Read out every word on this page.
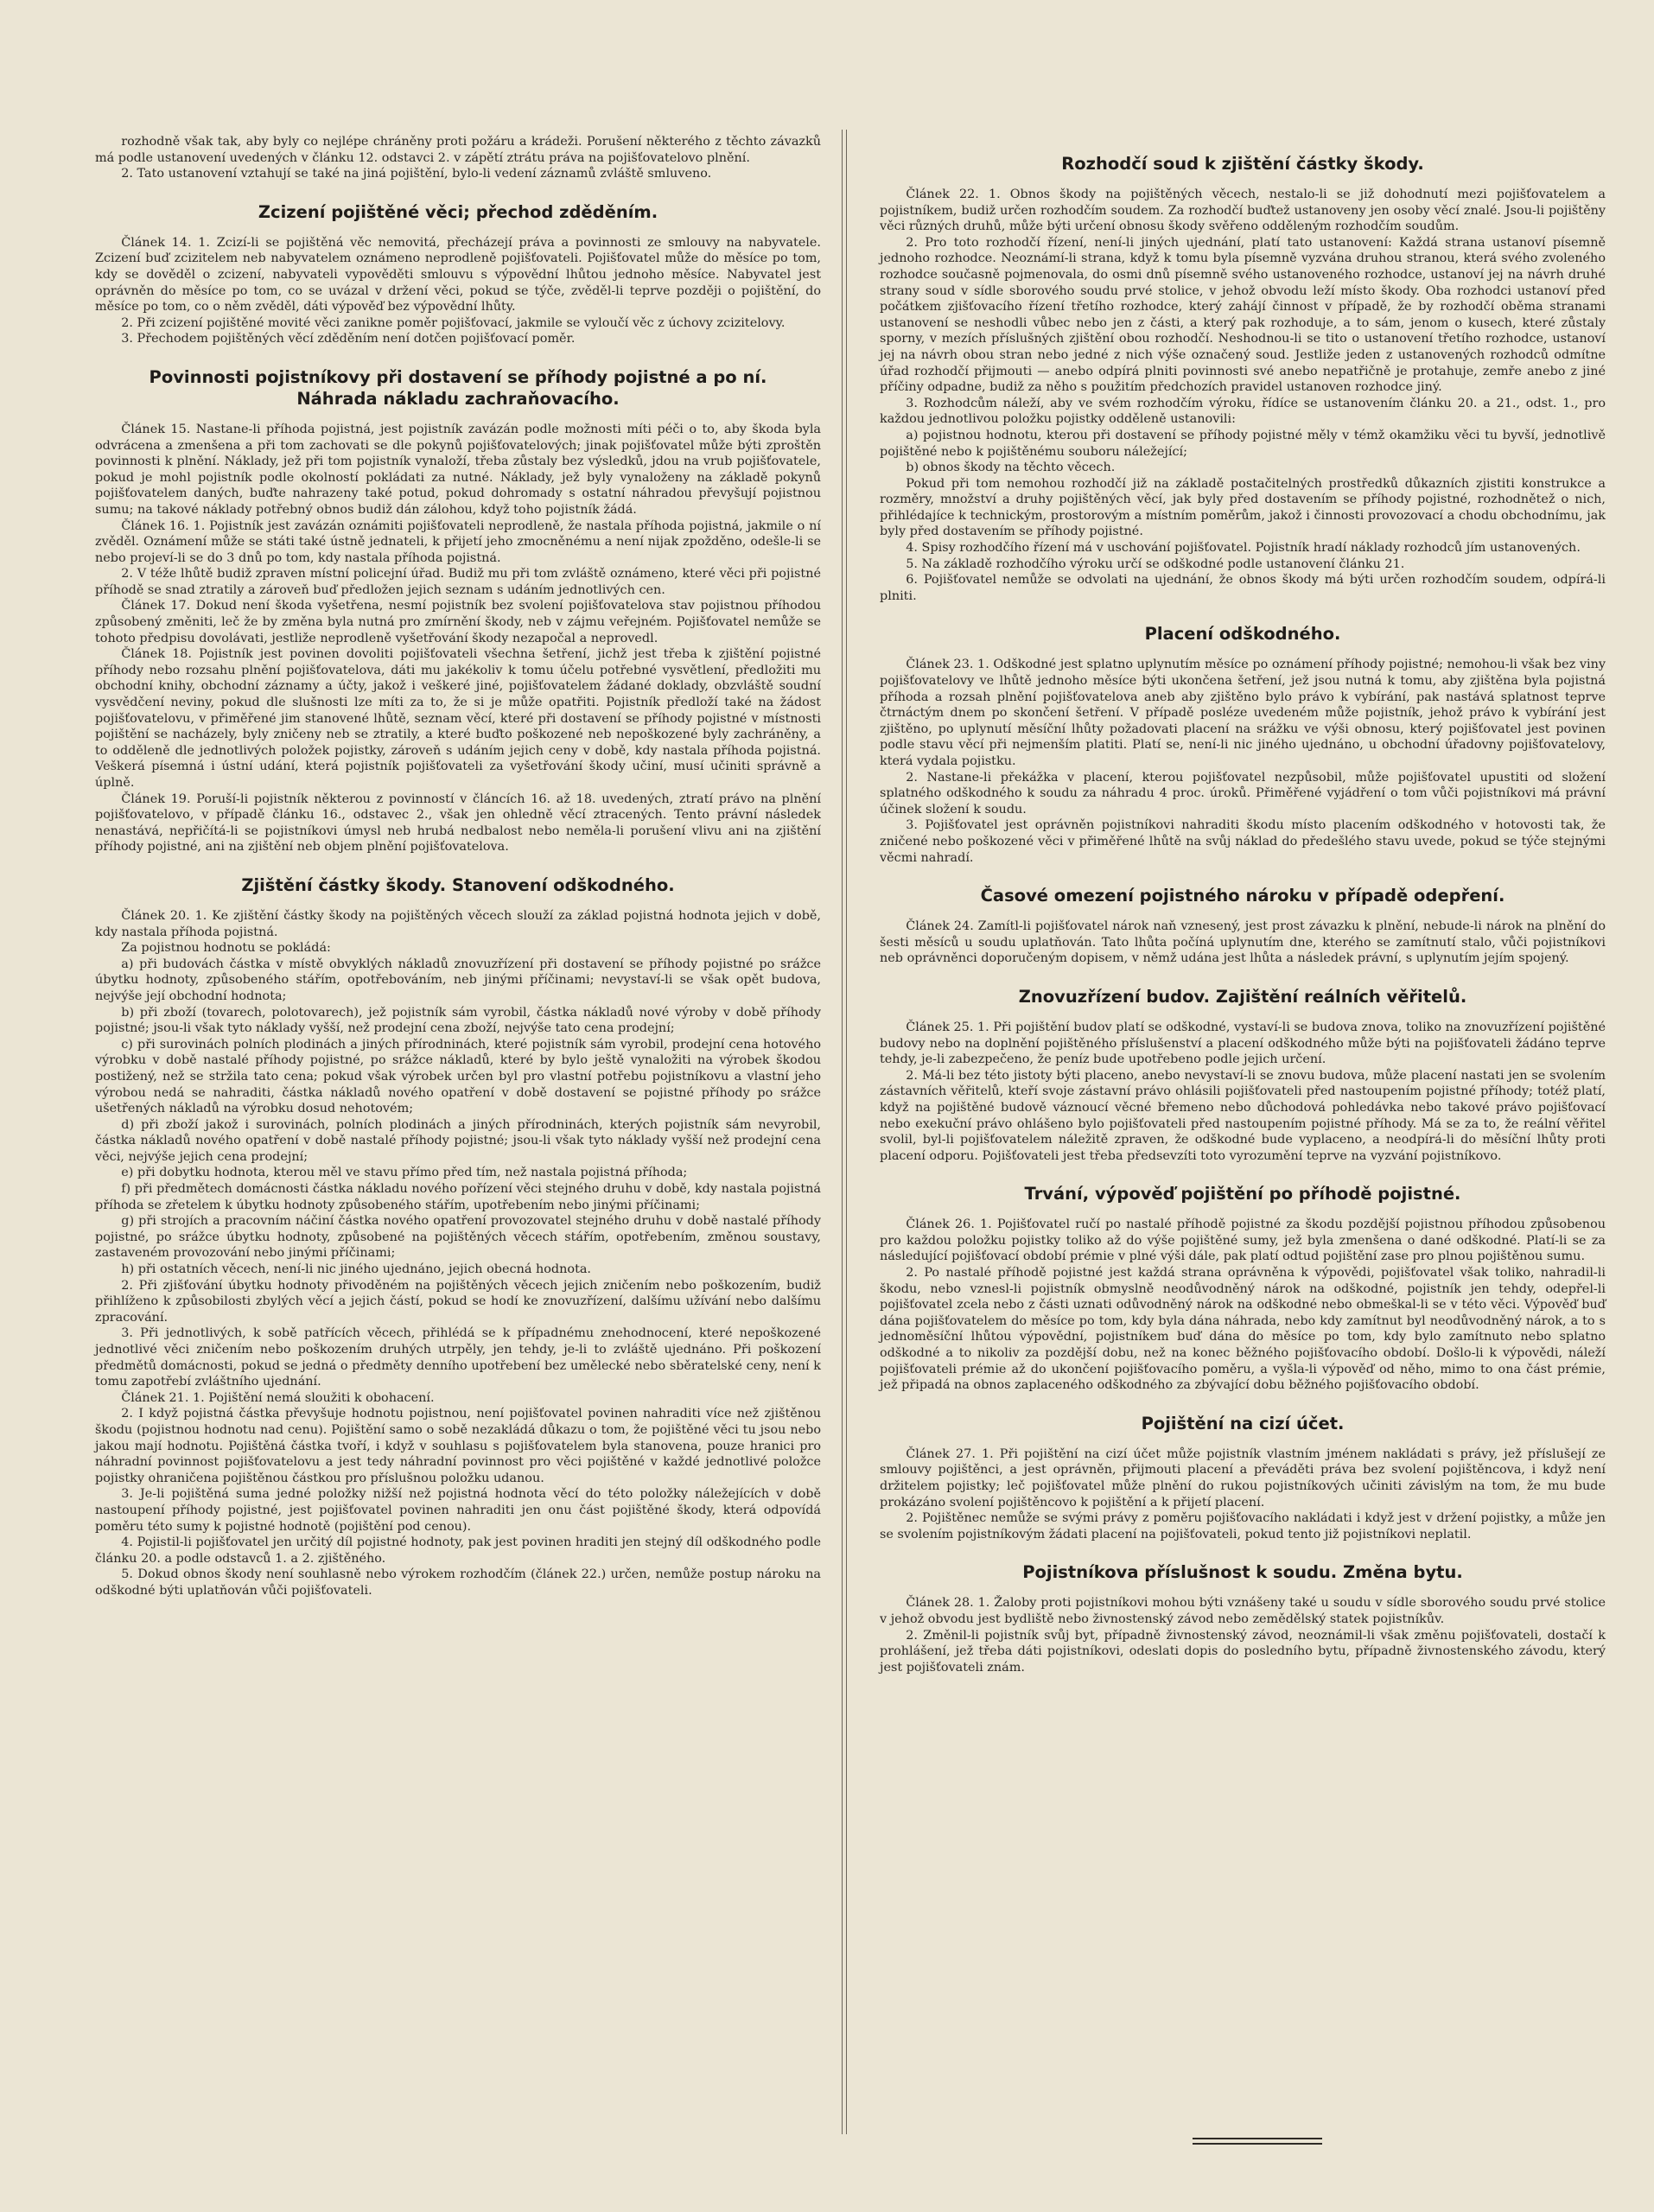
rozhodně však tak, aby byly co nejlépe chráněny proti požáru a krádeži. Porušení některého z těchto závazků má podle ustanovení uvedených v článku 12. odstavci 2. v zápětí ztrátu práva na pojišťovatelovo plnění.

2. Tato ustanovení vztahují se také na jiná pojištění, bylo-li vedení záznamů zvláště smluveno.

Zcizení pojištěné věci; přechod zděděním.

Článek 14. 1. Zcizí-li se pojištěná věc nemovitá, přecházejí práva a povinnosti ze smlouvy na nabyvatele. Zcizení buď zcizitelem neb nabyvatelem oznámeno neprodleně pojišťovateli. Pojišťovatel může do měsíce po tom, kdy se dověděl o zcizení, nabyvateli vypověděti smlouvu s výpovědní lhůtou jednoho měsíce. Nabyvatel jest oprávněn do měsíce po tom, co se uvázal v držení věci, pokud se týče, zvěděl-li teprve později o pojištění, do měsíce po tom, co o něm zvěděl, dáti výpověď bez výpovědní lhůty.

2. Při zcizení pojištěné movité věci zanikne poměr pojišťovací, jakmile se vyloučí věc z úchovy zcizitelovy.

3. Přechodem pojištěných věcí zděděním není dotčen pojišťovací poměr.

Povinnosti pojistníkovy při dostavení se příhody pojistné a po ní.
Náhrada nákladu zachraňovacího.

Článek 15. Nastane-li příhoda pojistná, jest pojistník zavázán podle možnosti míti péči o to, aby škoda byla odvrácena a zmenšena a při tom zachovati se dle pokynů pojišťovatelových; jinak pojišťovatel může býti zproštěn povinnosti k plnění. Náklady, jež při tom pojistník vynaloží, třeba zůstaly bez výsledků, jdou na vrub pojišťovatele, pokud je mohl pojistník podle okolností pokládati za nutné. Náklady, jež byly vynaloženy na základě pokynů pojišťovatelem daných, buďte nahrazeny také potud, pokud dohromady s ostatní náhradou převyšují pojistnou sumu; na takové náklady potřebný obnos budiž dán zálohou, když toho pojistník žádá.

Článek 16. 1. Pojistník jest zavázán oznámiti pojišťovateli neprodleně, že nastala příhoda pojistná, jakmile o ní zvěděl. Oznámení může se státi také ústně jednateli, k přijetí jeho zmocněnému a není nijak zpožděno, odešle-li se nebo projeví-li se do 3 dnů po tom, kdy nastala příhoda pojistná.

2. V téže lhůtě budiž zpraven místní policejní úřad. Budiž mu při tom zvláště oznámeno, které věci při pojistné příhodě se snad ztratily a zároveň buď předložen jejich seznam s udáním jednotlivých cen.

Článek 17. Dokud není škoda vyšetřena, nesmí pojistník bez svolení pojišťovatelova stav pojistnou příhodou způsobený změniti, leč že by změna byla nutná pro zmírnění škody, neb v zájmu veřejném. Pojišťovatel nemůže se tohoto předpisu dovolávati, jestliže neprodleně vyšetřování škody nezapočal a neprovedl.

Článek 18. Pojistník jest povinen dovoliti pojišťovateli všechna šetření, jichž jest třeba k zjištění pojistné příhody nebo rozsahu plnění pojišťovatelova, dáti mu jakékoliv k tomu účelu potřebné vysvětlení, předložiti mu obchodní knihy, obchodní záznamy a účty, jakož i veškeré jiné, pojišťovatelem žádané doklady, obzvláště soudní vysvědčení neviny, pokud dle slušnosti lze míti za to, že si je může opatřiti. Pojistník předloží také na žádost pojišťovatelovu, v přiměřené jim stanovené lhůtě, seznam věcí, které při dostavení se příhody pojistné v místnosti pojištění se nacházely, byly zničeny neb se ztratily, a které buďto poškozené neb nepoškozené byly zachráněny, a to odděleně dle jednotlivých položek pojistky, zároveň s udáním jejich ceny v době, kdy nastala příhoda pojistná. Veškerá písemná i ústní udání, která pojistník pojišťovateli za vyšetřování škody učiní, musí učiniti správně a úplně.

Článek 19. Poruší-li pojistník některou z povinností v článcích 16. až 18. uvedených, ztratí právo na plnění pojišťovatelovo, v případě článku 16., odstavec 2., však jen ohledně věcí ztracených. Tento právní následek nenastává, nepřičítá-li se pojistníkovi úmysl neb hrubá nedbalost nebo neměla-li porušení vlivu ani na zjištění příhody pojistné, ani na zjištění neb objem plnění pojišťovatelova.

Zjištění částky škody. Stanovení odškodného.

Článek 20. 1. Ke zjištění částky škody na pojištěných věcech slouží za základ pojistná hodnota jejich v době, kdy nastala příhoda pojistná.

Za pojistnou hodnotu se pokládá:

a) při budovách částka v místě obvyklých nákladů znovuzřízení při dostavení se příhody pojistné po srážce úbytku hodnoty, způsobeného stářím, opotřebováním, neb jinými příčinami; nevystaví-li se však opět budova, nejvýše její obchodní hodnota;

b) při zboží (tovarech, polotovarech), jež pojistník sám vyrobil, částka nákladů nové výroby v době příhody pojistné; jsou-li však tyto náklady vyšší, než prodejní cena zboží, nejvýše tato cena prodejní;

c) při surovinách polních plodinách a jiných přírodninách, které pojistník sám vyrobil, prodejní cena hotového výrobku v době nastalé příhody pojistné, po srážce nákladů, které by bylo ještě vynaložiti na výrobek škodou postižený, než se stržila tato cena; pokud však výrobek určen byl pro vlastní potřebu pojistníkovu a vlastní jeho výrobou nedá se nahraditi, částka nákladů nového opatření v době dostavení se pojistné příhody po srážce ušetřených nákladů na výrobku dosud nehotovém;

d) při zboží jakož i surovinách, polních plodinách a jiných přírodninách, kterých pojistník sám nevyrobil, částka nákladů nového opatření v době nastalé příhody pojistné; jsou-li však tyto náklady vyšší než prodejní cena věci, nejvýše jejich cena prodejní;

e) při dobytku hodnota, kterou měl ve stavu přímo před tím, než nastala pojistná příhoda;

f) při předmětech domácnosti částka nákladu nového pořízení věci stejného druhu v době, kdy nastala pojistná příhoda se zřetelem k úbytku hodnoty způsobeného stářím, upotřebením nebo jinými příčinami;

g) při strojích a pracovním náčiní částka nového opatření provozovatel stejného druhu v době nastalé příhody pojistné, po srážce úbytku hodnoty, způsobené na pojištěných věcech stářím, opotřebením, změnou soustavy, zastaveném provozování nebo jinými příčinami;

h) při ostatních věcech, není-li nic jiného ujednáno, jejich obecná hodnota.

2. Při zjišťování úbytku hodnoty přivoděném na pojištěných věcech jejich zničením nebo poškozením, budiž přihlíženo k způsobilosti zbylých věcí a jejich částí, pokud se hodí ke znovuzřízení, dalšímu užívání nebo dalšímu zpracování.

3. Při jednotlivých, k sobě patřících věcech, přihlédá se k případnému znehodnocení, které nepoškozené jednotlivé věci zničením nebo poškozením druhých utrpěly, jen tehdy, je-li to zvláště ujednáno. Při poškození předmětů domácnosti, pokud se jedná o předměty denního upotřebení bez umělecké nebo sběratelské ceny, není k tomu zapotřebí zvláštního ujednání.

Článek 21. 1. Pojištění nemá sloužiti k obohacení.

2. I když pojistná částka převyšuje hodnotu pojistnou, není pojišťovatel povinen nahraditi více než zjištěnou škodu (pojistnou hodnotu nad cenu). Pojištění samo o sobě nezakládá důkazu o tom, že pojištěné věci tu jsou nebo jakou mají hodnotu. Pojištěná částka tvoří, i když v souhlasu s pojišťovatelem byla stanovena, pouze hranici pro náhradní povinnost pojišťovatelovu a jest tedy náhradní povinnost pro věci pojištěné v každé jednotlivé položce pojistky ohraničena pojištěnou částkou pro příslušnou položku udanou.

3. Je-li pojištěná suma jedné položky nižší než pojistná hodnota věcí do této položky náležejících v době nastoupení příhody pojistné, jest pojišťovatel povinen nahraditi jen onu část pojištěné škody, která odpovídá poměru této sumy k pojistné hodnotě (pojištění pod cenou).

4. Pojistil-li pojišťovatel jen určitý díl pojistné hodnoty, pak jest povinen hraditi jen stejný díl odškodného podle článku 20. a podle odstavců 1. a 2. zjištěného.

5. Dokud obnos škody není souhlasně nebo výrokem rozhodčím (článek 22.) určen, nemůže postup nároku na odškodné býti uplatňován vůči pojišťovateli.

Rozhodčí soud k zjištění částky škody.

Článek 22. 1. Obnos škody na pojištěných věcech, nestalo-li se již dohodnutí mezi pojišťovatelem a pojistníkem, budiž určen rozhodčím soudem. Za rozhodčí buďtež ustanoveny jen osoby věcí znalé. Jsou-li pojištěny věci různých druhů, může býti určení obnosu škody svěřeno odděleným rozhodčím soudům.

2. Pro toto rozhodčí řízení, není-li jiných ujednání, platí tato ustanovení: Každá strana ustanoví písemně jednoho rozhodce. Neoznámí-li strana, když k tomu byla písemně vyzvána druhou stranou, která svého zvoleného rozhodce současně pojmenovala, do osmi dnů písemně svého ustanoveného rozhodce, ustanoví jej na návrh druhé strany soud v sídle sborového soudu prvé stolice, v jehož obvodu leží místo škody. Oba rozhodci ustanoví před počátkem zjišťovacího řízení třetího rozhodce, který zahájí činnost v případě, že by rozhodčí oběma stranami ustanovení se neshodli vůbec nebo jen z části, a který pak rozhoduje, a to sám, jenom o kusech, které zůstaly sporny, v mezích příslušných zjištění obou rozhodčí. Neshodnou-li se tito o ustanovení třetího rozhodce, ustanoví jej na návrh obou stran nebo jedné z nich výše označený soud. Jestliže jeden z ustanovených rozhodců odmítne úřad rozhodčí přijmouti — anebo odpírá plniti povinnosti své anebo nepatřičně je protahuje, zemře anebo z jiné příčiny odpadne, budiž za něho s použitím předchozích pravidel ustanoven rozhodce jiný.

3. Rozhodcům náleží, aby ve svém rozhodčím výroku, řídíce se ustanovením článku 20. a 21., odst. 1., pro každou jednotlivou položku pojistky odděleně ustanovili:

a) pojistnou hodnotu, kterou při dostavení se příhody pojistné měly v témž okamžiku věci tu byvší, jednotlivě pojištěné nebo k pojištěnému souboru náležející;

b) obnos škody na těchto věcech.

Pokud při tom nemohou rozhodčí již na základě postačitelných prostředků důkazních zjistiti konstrukce a rozměry, množství a druhy pojištěných věcí, jak byly před dostavením se příhody pojistné, rozhodnětež o nich, přihlédajíce k technickým, prostorovým a místním poměrům, jakož i činnosti provozovací a chodu obchodnímu, jak byly před dostavením se příhody pojistné.

4. Spisy rozhodčího řízení má v uschování pojišťovatel. Pojistník hradí náklady rozhodců jím ustanovených.

5. Na základě rozhodčího výroku určí se odškodné podle ustanovení článku 21.

6. Pojišťovatel nemůže se odvolati na ujednání, že obnos škody má býti určen rozhodčím soudem, odpírá-li plniti.

Placení odškodného.

Článek 23. 1. Odškodné jest splatno uplynutím měsíce po oznámení příhody pojistné; nemohou-li však bez viny pojišťovatelovy ve lhůtě jednoho měsíce býti ukončena šetření, jež jsou nutná k tomu, aby zjištěna byla pojistná příhoda a rozsah plnění pojišťovatelova aneb aby zjištěno bylo právo k vybírání, pak nastává splatnost teprve čtrnáctým dnem po skončení šetření. V případě posléze uvedeném může pojistník, jehož právo k vybírání jest zjištěno, po uplynutí měsíční lhůty požadovati placení na srážku ve výši obnosu, který pojišťovatel jest povinen podle stavu věcí při nejmenším platiti. Platí se, není-li nic jiného ujednáno, u obchodní úřadovny pojišťovatelovy, která vydala pojistku.

2. Nastane-li překážka v placení, kterou pojišťovatel nezpůsobil, může pojišťovatel upustiti od složení splatného odškodného k soudu za náhradu 4 proc. úroků. Přiměřené vyjádření o tom vůči pojistníkovi má právní účinek složení k soudu.

3. Pojišťovatel jest oprávněn pojistníkovi nahraditi škodu místo placením odškodného v hotovosti tak, že zničené nebo poškozené věci v přiměřené lhůtě na svůj náklad do předešlého stavu uvede, pokud se týče stejnými věcmi nahradí.

Časové omezení pojistného nároku v případě odepření.

Článek 24. Zamítl-li pojišťovatel nárok naň vznesený, jest prost závazku k plnění, nebude-li nárok na plnění do šesti měsíců u soudu uplatňován. Tato lhůta počíná uplynutím dne, kterého se zamítnutí stalo, vůči pojistníkovi neb oprávněnci doporučeným dopisem, v němž udána jest lhůta a následek právní, s uplynutím jejím spojený.

Znovuzřízení budov. Zajištění reálních věřitelů.

Článek 25. 1. Při pojištění budov platí se odškodné, vystaví-li se budova znova, toliko na znovuzřízení pojištěné budovy nebo na doplnění pojištěného příslušenství a placení odškodného může býti na pojišťovateli žádáno teprve tehdy, je-li zabezpečeno, že peníz bude upotřebeno podle jejich určení.

2. Má-li bez této jistoty býti placeno, anebo nevystaví-li se znovu budova, může placení nastati jen se svolením zástavních věřitelů, kteří svoje zástavní právo ohlásili pojišťovateli před nastoupením pojistné příhody; totéž platí, když na pojištěné budově váznoucí věcné břemeno nebo důchodová pohledávka nebo takové právo pojišťovací nebo exekuční právo ohlášeno bylo pojišťovateli před nastoupením pojistné příhody. Má se za to, že reální věřitel svolil, byl-li pojišťovatelem náležitě zpraven, že odškodné bude vyplaceno, a neodpírá-li do měsíční lhůty proti placení odporu. Pojišťovateli jest třeba předsevzíti toto vyrozumění teprve na vyzvání pojistníkovo.

Trvání, výpověď pojištění po příhodě pojistné.

Článek 26. 1. Pojišťovatel ručí po nastalé příhodě pojistné za škodu pozdější pojistnou příhodou způsobenou pro každou položku pojistky toliko až do výše pojištěné sumy, jež byla zmenšena o dané odškodné. Platí-li se za následující pojišťovací období prémie v plné výši dále, pak platí odtud pojištění zase pro plnou pojištěnou sumu.

2. Po nastalé příhodě pojistné jest každá strana oprávněna k výpovědi, pojišťovatel však toliko, nahradil-li škodu, nebo vznesl-li pojistník obmyslně neodůvodněný nárok na odškodné, pojistník jen tehdy, odepřel-li pojišťovatel zcela nebo z části uznati odůvodněný nárok na odškodné nebo obmeškal-li se v této věci. Výpověď buď dána pojišťovatelem do měsíce po tom, kdy byla dána náhrada, nebo kdy zamítnut byl neodůvodněný nárok, a to s jednoměsíční lhůtou výpovědní, pojistníkem buď dána do měsíce po tom, kdy bylo zamítnuto nebo splatno odškodné a to nikoliv za pozdější dobu, než na konec běžného pojišťovacího období. Došlo-li k výpovědi, náleží pojišťovateli prémie až do ukončení pojišťovacího poměru, a vyšla-li výpověď od něho, mimo to ona část prémie, jež připadá na obnos zaplaceného odškodného za zbývající dobu běžného pojišťovacího období.

Pojištění na cizí účet.

Článek 27. 1. Při pojištění na cizí účet může pojistník vlastním jménem nakládati s právy, jež příslušejí ze smlouvy pojištěnci, a jest oprávněn, přijmouti placení a převáděti práva bez svolení pojištěncova, i když není držitelem pojistky; leč pojišťovatel může plnění do rukou pojistníkových učiniti závislým na tom, že mu bude prokázáno svolení pojištěncovo k pojištění a k přijetí placení.

2. Pojištěnec nemůže se svými právy z poměru pojišťovacího nakládati i když jest v držení pojistky, a může jen se svolením pojistníkovým žádati placení na pojišťovateli, pokud tento již pojistníkovi neplatil.

Pojistníkova příslušnost k soudu. Změna bytu.

Článek 28. 1. Žaloby proti pojistníkovi mohou býti vznášeny také u soudu v sídle sborového soudu prvé stolice v jehož obvodu jest bydliště nebo živnostenský závod nebo zemědělský statek pojistníkův.

2. Změnil-li pojistník svůj byt, případně živnostenský závod, neoznámil-li však změnu pojišťovateli, dostačí k prohlášení, jež třeba dáti pojistníkovi, odeslati dopis do posledního bytu, případně živnostenského závodu, který jest pojišťovateli znám.
